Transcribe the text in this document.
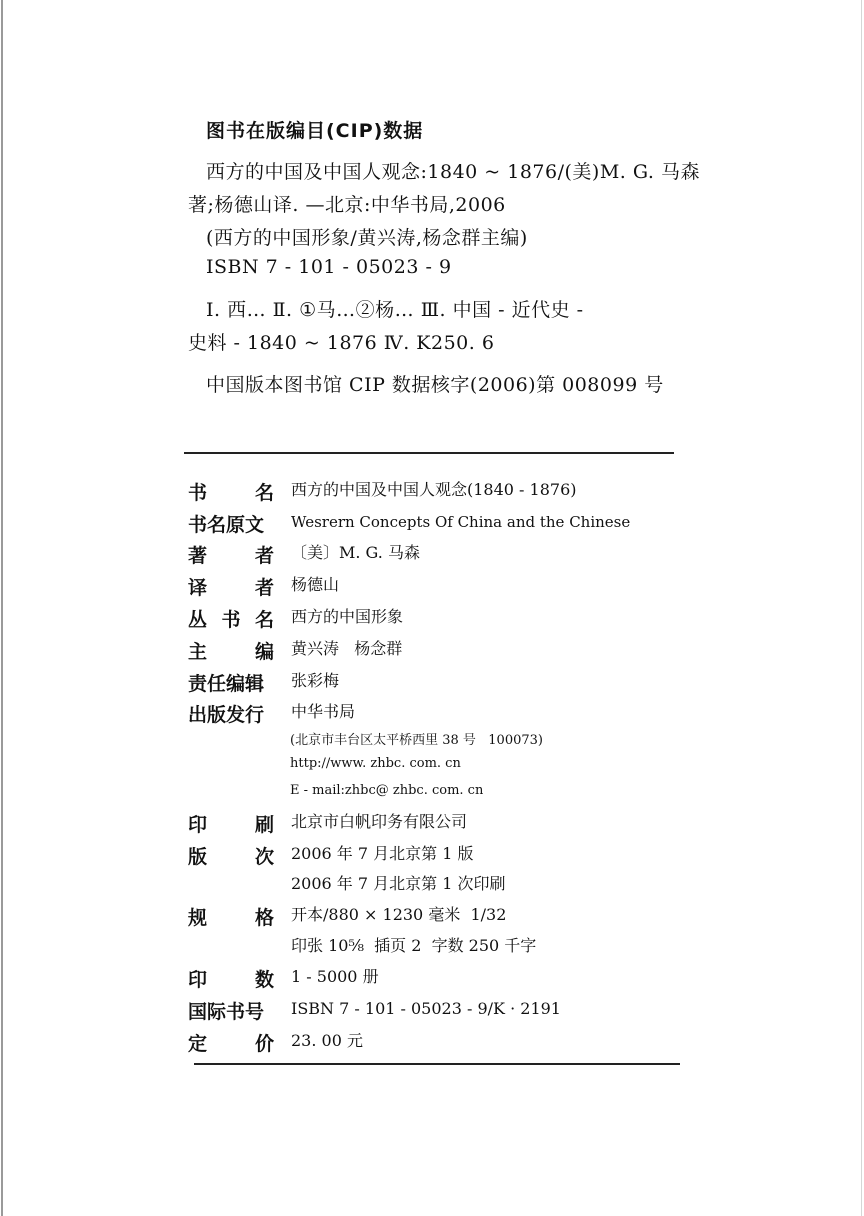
图书在版编目(CIP)数据
西方的中国及中国人观念:1840 ~ 1876/(美)M. G. 马森
著;杨德山译. —北京:中华书局,2006
(西方的中国形象/黄兴涛,杨念群主编)
ISBN 7 - 101 - 05023 - 9
Ⅰ. 西… Ⅱ. ①马…②杨… Ⅲ. 中国 - 近代史 -
史料 - 1840 ~ 1876 Ⅳ. K250. 6
中国版本图书馆 CIP 数据核字(2006)第 008099 号
书	名 西方的中国及中国人观念(1840 - 1876)
书名原文 Wesrern Concepts Of China and the Chinese
著	者 〔美〕M. G. 马森
译	者 杨德山
丛 书 名 西方的中国形象
主	编 黄兴涛   杨念群
责任编辑 张彩梅
出版发行 中华书局
(北京市丰台区太平桥西里 38 号   100073)
http://www. zhbc. com. cn
E - mail:zhbc@ zhbc. com. cn
印	刷 北京市白帆印务有限公司
版	次 2006 年 7 月北京第 1 版
2006 年 7 月北京第 1 次印刷
规	格 开本/880 × 1230 毫米  1/32
印张 10⅝  插页 2  字数 250 千字
印	数 1 - 5000 册
国际书号 ISBN 7 - 101 - 05023 - 9/K · 2191
定	价 23. 00 元
